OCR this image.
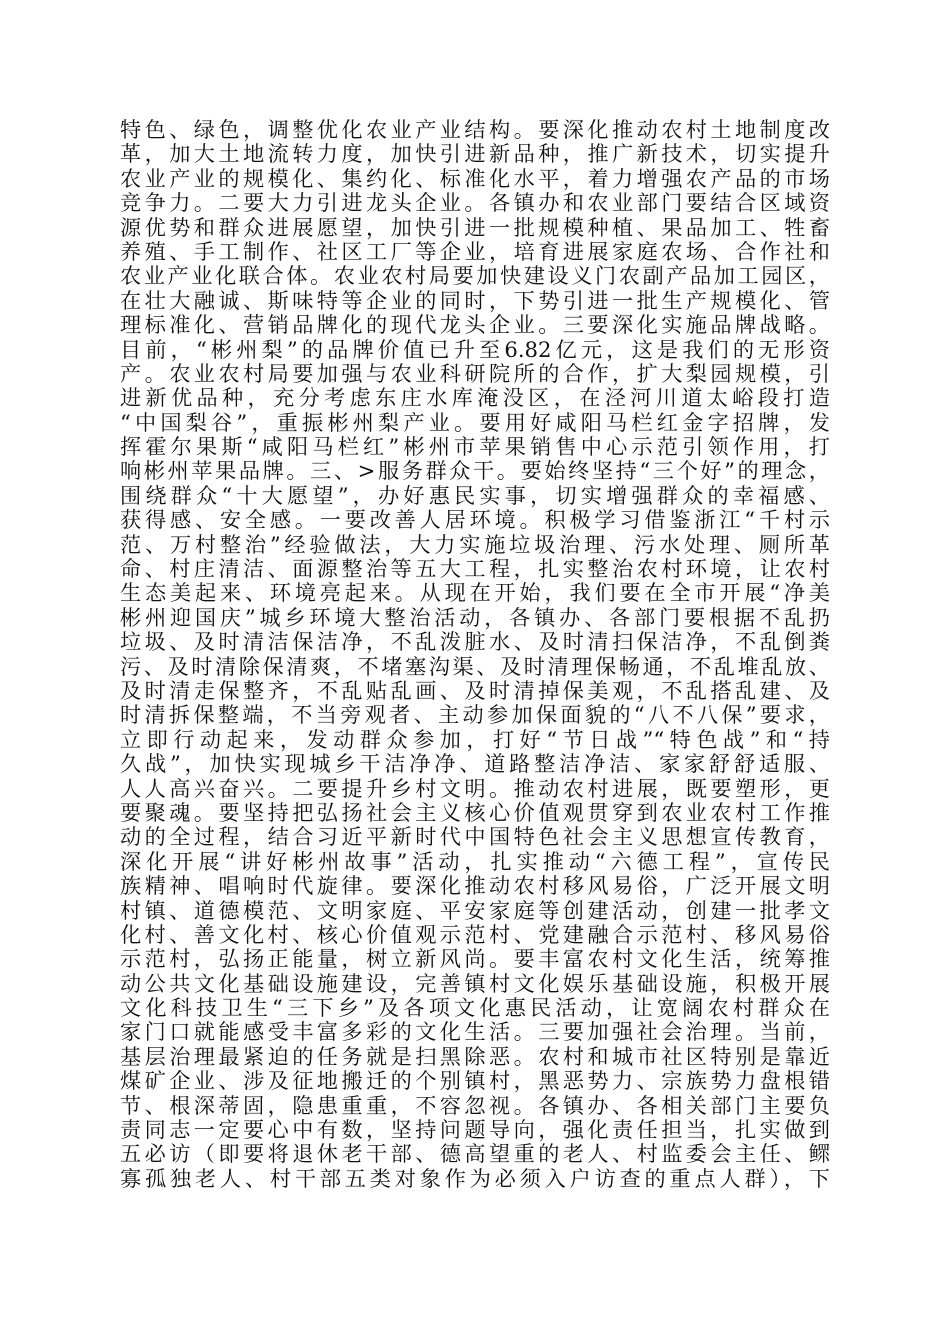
特色、绿色，调整优化农业产业结构。要深化推动农村土地制度改
革，加大土地流转力度，加快引进新品种，推广新技术，切实提升
农业产业的规模化、集约化、标准化水平，着力增强农产品的市场
竞争力。二要大力引进龙头企业。各镇办和农业部门要结合区域资
源优势和群众进展愿望，加快引进一批规模种植、果品加工、牲畜
养殖、手工制作、社区工厂等企业，培育进展家庭农场、合作社和
农业产业化联合体。农业农村局要加快建设义门农副产品加工园区，
在壮大融诚、斯味特等企业的同时，下势引进一批生产规模化、管
理标准化、营销品牌化的现代龙头企业。三要深化实施品牌战略。
目前，“彬州梨”的品牌价值已升至6.82亿元，这是我们的无形资
产。农业农村局要加强与农业科研院所的合作，扩大梨园规模，引
进新优品种，充分考虑东庄水库淹没区，在泾河川道太峪段打造
“中国梨谷”，重振彬州梨产业。要用好咸阳马栏红金字招牌，发
挥霍尔果斯“咸阳马栏红”彬州市苹果销售中心示范引领作用，打
响彬州苹果品牌。三、>服务群众干。要始终坚持“三个好”的理念，
围绕群众“十大愿望”，办好惠民实事，切实增强群众的幸福感、
获得感、安全感。一要改善人居环境。积极学习借鉴浙江“千村示
范、万村整治”经验做法，大力实施垃圾治理、污水处理、厕所革
命、村庄清洁、面源整治等五大工程，扎实整治农村环境，让农村
生态美起来、环境亮起来。从现在开始，我们要在全市开展“净美
彬州迎国庆”城乡环境大整治活动，各镇办、各部门要根据不乱扔
垃圾、及时清洁保洁净，不乱泼脏水、及时清扫保洁净，不乱倒粪
污、及时清除保清爽，不堵塞沟渠、及时清理保畅通，不乱堆乱放、
及时清走保整齐，不乱贴乱画、及时清掉保美观，不乱搭乱建、及
时清拆保整端，不当旁观者、主动参加保面貌的“八不八保”要求，
立即行动起来，发动群众参加，打好“节日战”“特色战”和“持
久战”，加快实现城乡干洁净净、道路整洁净洁、家家舒舒适服、
人人高兴奋兴。二要提升乡村文明。推动农村进展，既要塑形，更
要聚魂。要坚持把弘扬社会主义核心价值观贯穿到农业农村工作推
动的全过程，结合习近平新时代中国特色社会主义思想宣传教育，
深化开展“讲好彬州故事”活动，扎实推动“六德工程”，宣传民
族精神、唱响时代旋律。要深化推动农村移风易俗，广泛开展文明
村镇、道德模范、文明家庭、平安家庭等创建活动，创建一批孝文
化村、善文化村、核心价值观示范村、党建融合示范村、移风易俗
示范村，弘扬正能量，树立新风尚。要丰富农村文化生活，统筹推
动公共文化基础设施建设，完善镇村文化娱乐基础设施，积极开展
文化科技卫生“三下乡”及各项文化惠民活动，让宽阔农村群众在
家门口就能感受丰富多彩的文化生活。三要加强社会治理。当前，
基层治理最紧迫的任务就是扫黑除恶。农村和城市社区特别是靠近
煤矿企业、涉及征地搬迁的个别镇村，黑恶势力、宗族势力盘根错
节、根深蒂固，隐患重重，不容忽视。各镇办、各相关部门主要负
责同志一定要心中有数，坚持问题导向，强化责任担当，扎实做到
五必访（即要将退休老干部、德高望重的老人、村监委会主任、鳏
寡孤独老人、村干部五类对象作为必须入户访查的重点人群），下
